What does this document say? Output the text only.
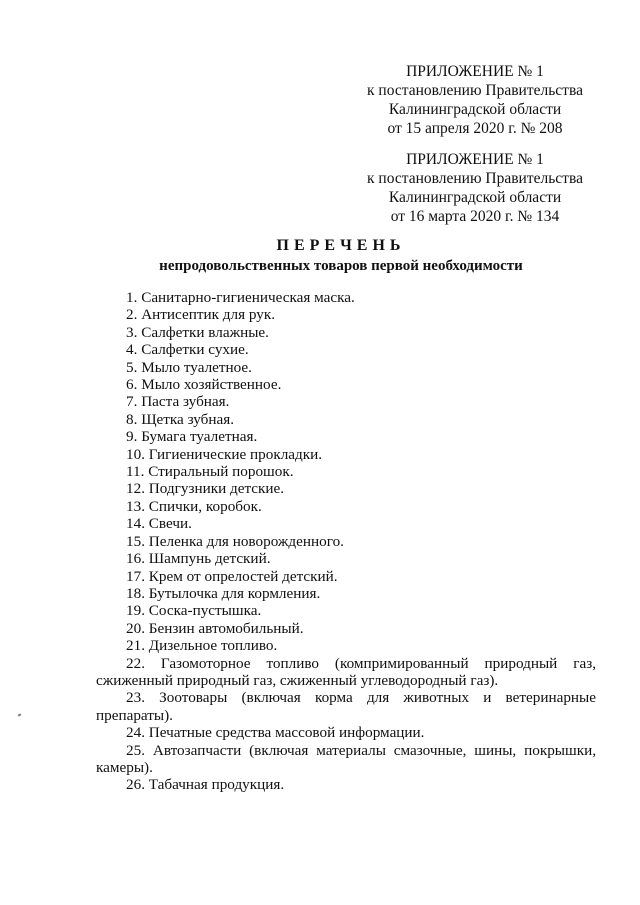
ПРИЛОЖЕНИЕ № 1
к постановлению Правительства
Калининградской области
от 15 апреля 2020 г. № 208
ПРИЛОЖЕНИЕ № 1
к постановлению Правительства
Калининградской области
от 16 марта 2020 г. № 134

ПЕРЕЧЕНЬ

непродовольственных товаров первой необходимости

1. Санитарно-гигиеническая маска.
2. Антисептик для рук.
3. Салфетки влажные.
4. Салфетки сухие.
5. Мыло туалетное.
6. Мыло хозяйственное.
7. Паста зубная.
8. Щетка зубная.
9. Бумага туалетная.
10. Гигиенические прокладки.
11. Стиральный порошок.
12. Подгузники детские.
13. Спички, коробок.
14. Свечи.
15. Пеленка для новорожденного.
16. Шампунь детский.
17. Крем от опрелостей детский.
18. Бутылочка для кормления.
19. Соска-пустышка.
20. Бензин автомобильный.
21. Дизельное топливо.
22. Газомоторное топливо (компримированный природный газ, сжиженный природный газ, сжиженный углеводородный газ).
23. Зоотовары (включая корма для животных и ветеринарные препараты).
24. Печатные средства массовой информации.
25. Автозапчасти (включая материалы смазочные, шины, покрышки, камеры).
26. Табачная продукция.
